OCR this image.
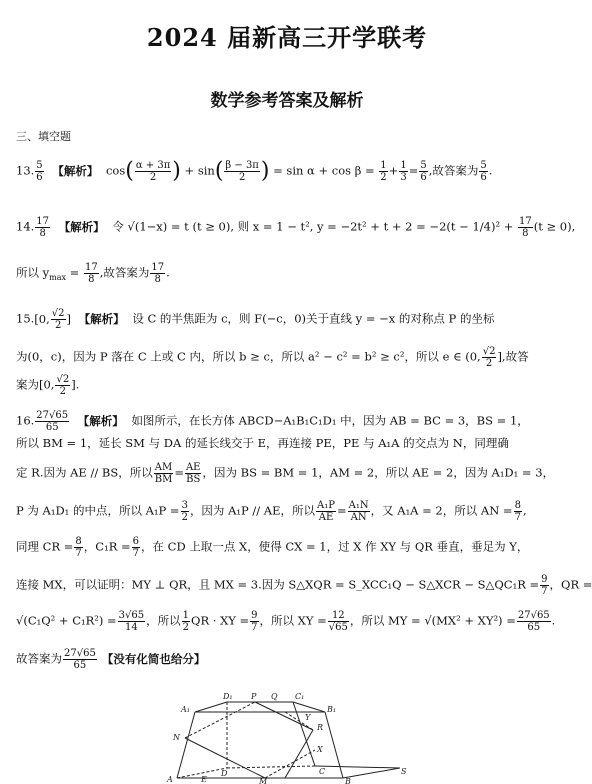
2024 届新高三开学联考
数学参考答案及解析
三、填空题
13. $\frac{5}{6}$ 【解析】 $\cos( \frac{\alpha + 3\pi}{2}$ ) + $\sin( \frac{\beta - 3\pi}{2}$ ) = $\sin \alpha + \cos \beta = \frac{1}{2} + \frac{1}{3} = \frac{5}{6}$ ,故答案为 $\frac{5}{6}$ .
14. $\frac{17}{8}$ 【解析】 令 √(1−x) = t (t ≥ 0), 则 x = 1 − t², $y = -2t^2 + t + 2 = -2(t - 1/4)^2 + \frac{17}{8} (t \ge 0)$,
所以 $y_{max} = \frac{17}{8}$ ,故答案为 $\frac{17}{8}$ .
15.[0, $\frac{√2}{2}$ ] 【解析】 设 C 的半焦距为 c，则 F(−c，0)关于直线 y = −x 的对称点 P 的坐标
为(0，c)，因为 P 落在 C 上或 C 内，所以 b ≥ c，所以 a² − c² = b² ≥ c²，所以 e ∈ (0, $\frac{√2}{2}$ ],故答
案为[0, $\frac{√2}{2}$ ].
16. $\frac{27√65}{65}$ 【解析】 如图所示，在长方体 ABCD−A₁B₁C₁D₁ 中，因为 AB = BC = 3，BS = 1，
所以 BM = 1，延长 SM 与 DA 的延长线交于 E，再连接 PE，PE 与 A₁A 的交点为 N，同理确
定 R.因为 AE // BS，所以 $\frac{AM}{BM} = \frac{AE}{BS}$ ，因为 BS = BM = 1，AM = 2，所以 AE = 2，因为 A₁D₁ = 3，
P 为 A₁D₁ 的中点，所以 $A_1P = \frac{3}{2}$ ，因为 A₁P // AE，所以 $\frac{\text{A₁P}}{AE} = \frac{\text{A₁N}}{AN}$ ，又 A₁A = 2，所以 AN = $\frac{8}{7}$ ,
同理 CR = $\frac{8}{7}$ ，$C_1R = \frac{6}{7}$ ，在 CD 上取一点 X，使得 CX = 1，过 X 作 XY 与 QR 垂直，垂足为 Y，
连接 MX，可以证明：MY ⊥ QR，且 MX = 3.因为 S△XQR = S_XCC₁Q − S△XCR − S△QC₁R = $\frac{9}{7}$ ，QR =
$√(C_1Q^2 + C_1R^2) = \frac{3√65}{14}$ ，所以 $\frac{1}{2}$ QR · XY = $\frac{9}{7}$ ，所以 XY = $\frac{12}{√65}$ ，所以 MY = $√(MX^2 + XY^2) = \frac{27√65}{65}$ .
故答案为 $\frac{27√65}{65}$ 【没有化简也给分】
A₁
D₁	Q
P	C₁
B₁
N
R
X
Y
A
D	C
E	M	B
S
